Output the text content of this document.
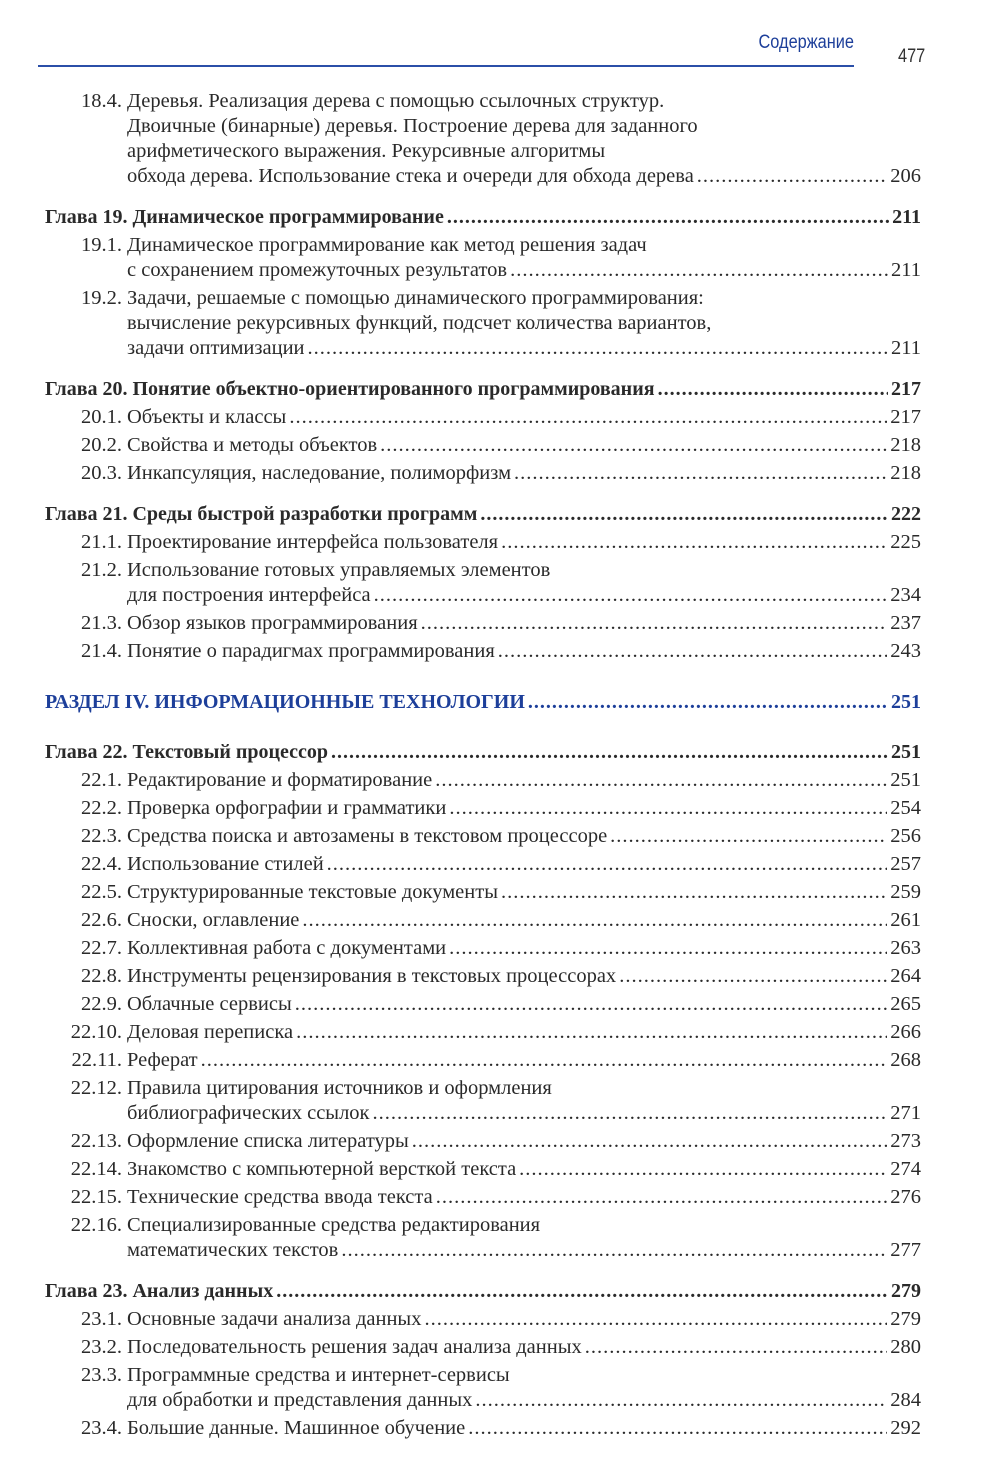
Содержание
477
18.4. Деревья. Реализация дерева с помощью ссылочных структур.
Двоичные (бинарные) деревья. Построение дерева для заданного
арифметического выражения. Рекурсивные алгоритмы
обхода дерева. Использование стека и очереди для обхода дерева .....	206
Глава 19. Динамическое программирование .....	211
19.1. Динамическое программирование как метод решения задач
с сохранением промежуточных результатов .....	211
19.2. Задачи, решаемые с помощью динамического программирования:
вычисление рекурсивных функций, подсчет количества вариантов,
задачи оптимизации .....	211
Глава 20. Понятие объектно-ориентированного программирования .....	217
20.1. Объекты и классы .....	217
20.2. Свойства и методы объектов .....	218
20.3. Инкапсуляция, наследование, полиморфизм .....	218
Глава 21. Среды быстрой разработки программ .....	222
21.1. Проектирование интерфейса пользователя .....	225
21.2. Использование готовых управляемых элементов
для построения интерфейса .....	234
21.3. Обзор языков программирования .....	237
21.4. Понятие о парадигмах программирования .....	243
РАЗДЕЛ IV. ИНФОРМАЦИОННЫЕ ТЕХНОЛОГИИ .....	251
Глава 22. Текстовый процессор .....	251
22.1. Редактирование и форматирование .....	251
22.2. Проверка орфографии и грамматики .....	254
22.3. Средства поиска и автозамены в текстовом процессоре .....	256
22.4. Использование стилей .....	257
22.5. Структурированные текстовые документы .....	259
22.6. Сноски, оглавление .....	261
22.7. Коллективная работа с документами .....	263
22.8. Инструменты рецензирования в текстовых процессорах .....	264
22.9. Облачные сервисы .....	265
22.10. Деловая переписка .....	266
22.11. Реферат .....	268
22.12. Правила цитирования источников и оформления
библиографических ссылок .....	271
22.13. Оформление списка литературы .....	273
22.14. Знакомство с компьютерной версткой текста .....	274
22.15. Технические средства ввода текста .....	276
22.16. Специализированные средства редактирования
математических текстов .....	277
Глава 23. Анализ данных .....	279
23.1. Основные задачи анализа данных .....	279
23.2. Последовательность решения задач анализа данных .....	280
23.3. Программные средства и интернет-сервисы
для обработки и представления данных .....	284
23.4. Большие данные. Машинное обучение .....	292
